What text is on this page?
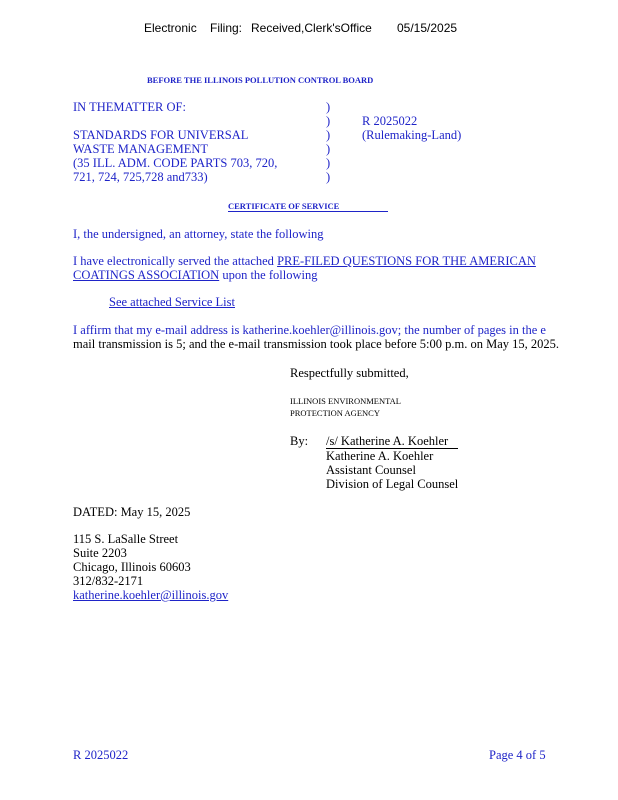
Electronic Filing: Received,Clerk'sOffice 05/15/2025
BEFORE THE ILLINOIS POLLUTION CONTROL BOARD
IN THEMATTER OF:
STANDARDS FOR UNIVERSAL
WASTE MANAGEMENT
(35 ILL. ADM. CODE PARTS 703, 720,
721, 724, 725,728 and733)
)
)
)
)
)
)
R 2025022
(Rulemaking-Land)
CERTIFICATE OF SERVICE
I, the undersigned, an attorney, state the following
I have electronically served the attached PRE-FILED QUESTIONS FOR THE AMERICAN
COATINGS ASSOCIATION upon the following
See attached Service List
I affirm that my e-mail address is katherine.koehler@illinois.gov; the number of pages in the e
mail transmission is 5; and the e-mail transmission took place before 5:00 p.m. on May 15, 2025.
Respectfully submitted,
ILLINOIS ENVIRONMENTAL
PROTECTION AGENCY
By: /s/ Katherine A. Koehler
Katherine A. Koehler
Assistant Counsel
Division of Legal Counsel
DATED: May 15, 2025
115 S. LaSalle Street
Suite 2203
Chicago, Illinois 60603
312/832-2171
katherine.koehler@illinois.gov
R 2025022	Page 4 of 5
